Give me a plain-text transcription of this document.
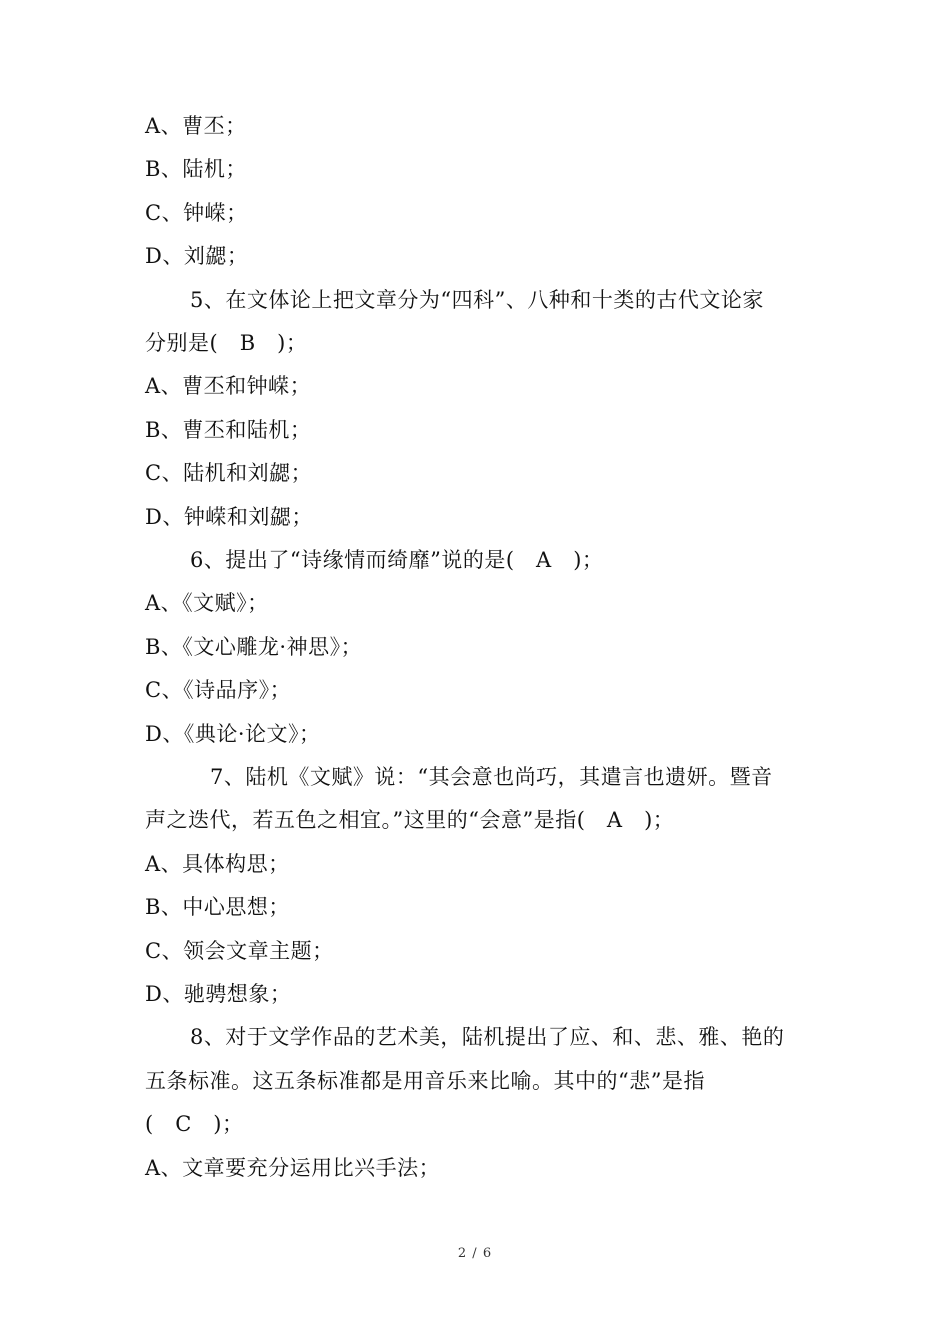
A、曹丕；
B、陆机；
C、钟嵘；
D、刘勰；
5、在文体论上把文章分为“四科”、八种和十类的古代文论家
分别是(　B　)；
A、曹丕和钟嵘；
B、曹丕和陆机；
C、陆机和刘勰；
D、钟嵘和刘勰；
6、提出了“诗缘情而绮靡”说的是(　A　)；
A、《文赋》；
B、《文心雕龙·神思》；
C、《诗品序》；
D、《典论·论文》；
7、陆机《文赋》说：“其会意也尚巧，其遣言也遗妍。暨音
声之迭代，若五色之相宜。”这里的“会意”是指(　A　)；
A、具体构思；
B、中心思想；
C、领会文章主题；
D、驰骋想象；
8、对于文学作品的艺术美，陆机提出了应、和、悲、雅、艳的
五条标准。这五条标准都是用音乐来比喻。其中的“悲”是指
(　C　)；
A、文章要充分运用比兴手法；
2 / 6
